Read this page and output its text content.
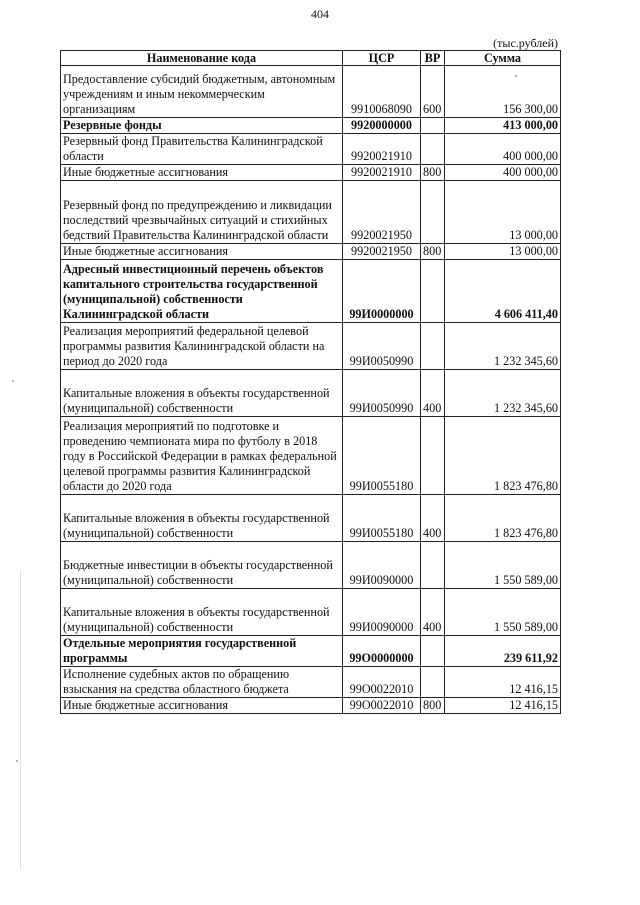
404
(тыс.рублей)
Наименование кода	ЦСР	ВР	Сумма
Предоставление субсидий бюджетным, автономным учреждениям и иным некоммерческим организациям	9910068090	600	156 300,00
Резервные фонды	9920000000		413 000,00
Резервный фонд Правительства Калининградской области	9920021910		400 000,00
Иные бюджетные ассигнования	9920021910	800	400 000,00
Резервный фонд по предупреждению и ликвидации последствий чрезвычайных ситуаций и стихийных бедствий Правительства Калининградской области	9920021950		13 000,00
Иные бюджетные ассигнования	9920021950	800	13 000,00
Адресный инвестиционный перечень объектов капитального строительства государственной (муниципальной) собственности Калининградской области	99И0000000		4 606 411,40
Реализация мероприятий федеральной целевой программы развития Калининградской области на период до 2020 года	99И0050990		1 232 345,60
Капитальные вложения в объекты государственной (муниципальной) собственности	99И0050990	400	1 232 345,60
Реализация мероприятий по подготовке и проведению чемпионата мира по футболу в 2018 году в Российской Федерации в рамках федеральной целевой программы развития Калининградской области до 2020 года	99И0055180		1 823 476,80
Капитальные вложения в объекты государственной (муниципальной) собственности	99И0055180	400	1 823 476,80
Бюджетные инвестиции в объекты государственной (муниципальной) собственности	99И0090000		1 550 589,00
Капитальные вложения в объекты государственной (муниципальной) собственности	99И0090000	400	1 550 589,00
Отдельные мероприятия государственной программы	99О0000000		239 611,92
Исполнение судебных актов по обращению взыскания на средства областного бюджета	99О0022010		12 416,15
Иные бюджетные ассигнования	99О0022010	800	12 416,15
